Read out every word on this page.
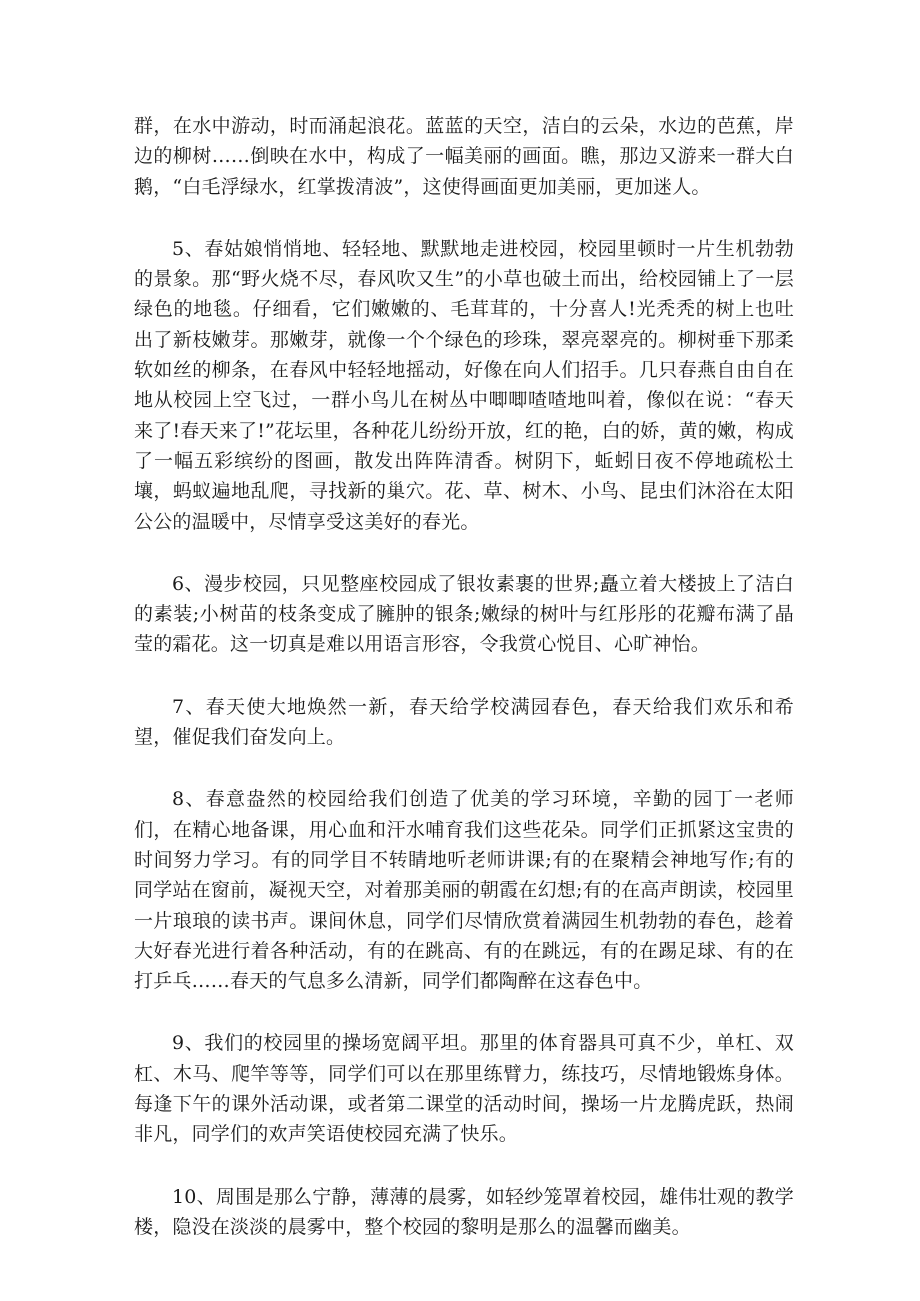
群，在水中游动，时而涌起浪花。蓝蓝的天空，洁白的云朵，水边的芭蕉，岸边的柳树……倒映在水中，构成了一幅美丽的画面。瞧，那边又游来一群大白鹅，“白毛浮绿水，红掌拨清波”，这使得画面更加美丽，更加迷人。

5、春姑娘悄悄地、轻轻地、默默地走进校园，校园里顿时一片生机勃勃的景象。那“野火烧不尽，春风吹又生”的小草也破土而出，给校园铺上了一层绿色的地毯。仔细看，它们嫩嫩的、毛茸茸的，十分喜人!光秃秃的树上也吐出了新枝嫩芽。那嫩芽，就像一个个绿色的珍珠，翠亮翠亮的。柳树垂下那柔软如丝的柳条，在春风中轻轻地摇动，好像在向人们招手。几只春燕自由自在地从校园上空飞过，一群小鸟儿在树丛中唧唧喳喳地叫着，像似在说：“春天来了!春天来了!”花坛里，各种花儿纷纷开放，红的艳，白的娇，黄的嫩，构成了一幅五彩缤纷的图画，散发出阵阵清香。树阴下，蚯蚓日夜不停地疏松土壤，蚂蚁遍地乱爬，寻找新的巢穴。花、草、树木、小鸟、昆虫们沐浴在太阳公公的温暖中，尽情享受这美好的春光。

6、漫步校园，只见整座校园成了银妆素裹的世界;矗立着大楼披上了洁白的素装;小树苗的枝条变成了臃肿的银条;嫩绿的树叶与红彤彤的花瓣布满了晶莹的霜花。这一切真是难以用语言形容，令我赏心悦目、心旷神怡。

7、春天使大地焕然一新，春天给学校满园春色，春天给我们欢乐和希望，催促我们奋发向上。

8、春意盎然的校园给我们创造了优美的学习环境，辛勤的园丁一老师们，在精心地备课，用心血和汗水哺育我们这些花朵。同学们正抓紧这宝贵的时间努力学习。有的同学目不转睛地听老师讲课;有的在聚精会神地写作;有的同学站在窗前，凝视天空，对着那美丽的朝霞在幻想;有的在高声朗读，校园里一片琅琅的读书声。课间休息，同学们尽情欣赏着满园生机勃勃的春色，趁着大好春光进行着各种活动，有的在跳高、有的在跳远，有的在踢足球、有的在打乒乓……春天的气息多么清新，同学们都陶醉在这春色中。

9、我们的校园里的操场宽阔平坦。那里的体育器具可真不少，单杠、双杠、木马、爬竿等等，同学们可以在那里练臂力，练技巧，尽情地锻炼身体。每逢下午的课外活动课，或者第二课堂的活动时间，操场一片龙腾虎跃，热闹非凡，同学们的欢声笑语使校园充满了快乐。

10、周围是那么宁静，薄薄的晨雾，如轻纱笼罩着校园，雄伟壮观的教学楼，隐没在淡淡的晨雾中，整个校园的黎明是那么的温馨而幽美。
